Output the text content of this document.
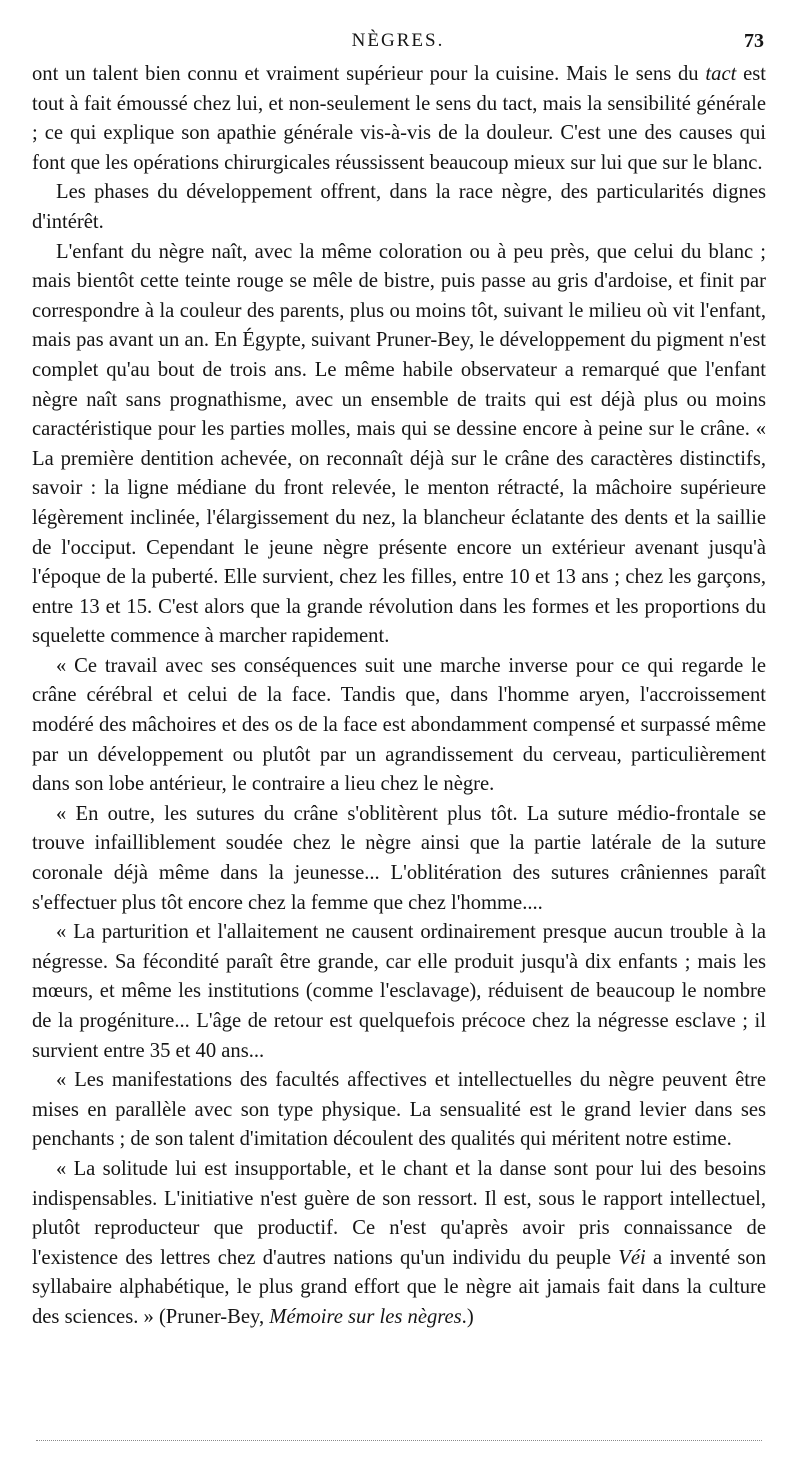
NÈGRES.	73

ont un talent bien connu et vraiment supérieur pour la cuisine. Mais le sens du tact est tout à fait émoussé chez lui, et non-seulement le sens du tact, mais la sensibilité générale ; ce qui explique son apathie générale vis-à-vis de la douleur. C'est une des causes qui font que les opérations chirurgicales réussissent beaucoup mieux sur lui que sur le blanc.

Les phases du développement offrent, dans la race nègre, des particularités dignes d'intérêt.

L'enfant du nègre naît, avec la même coloration ou à peu près, que celui du blanc ; mais bientôt cette teinte rouge se mêle de bistre, puis passe au gris d'ardoise, et finit par correspondre à la couleur des parents, plus ou moins tôt, suivant le milieu où vit l'enfant, mais pas avant un an. En Égypte, suivant Pruner-Bey, le développement du pigment n'est complet qu'au bout de trois ans. Le même habile observateur a remarqué que l'enfant nègre naît sans prognathisme, avec un ensemble de traits qui est déjà plus ou moins caractéristique pour les parties molles, mais qui se dessine encore à peine sur le crâne. « La première dentition achevée, on reconnaît déjà sur le crâne des caractères distinctifs, savoir : la ligne médiane du front relevée, le menton rétracté, la mâchoire supérieure légèrement inclinée, l'élargissement du nez, la blancheur éclatante des dents et la saillie de l'occiput. Cependant le jeune nègre présente encore un extérieur avenant jusqu'à l'époque de la puberté. Elle survient, chez les filles, entre 10 et 13 ans ; chez les garçons, entre 13 et 15. C'est alors que la grande révolution dans les formes et les proportions du squelette commence à marcher rapidement.

« Ce travail avec ses conséquences suit une marche inverse pour ce qui regarde le crâne cérébral et celui de la face. Tandis que, dans l'homme aryen, l'accroissement modéré des mâchoires et des os de la face est abondamment compensé et surpassé même par un développement ou plutôt par un agrandissement du cerveau, particulièrement dans son lobe antérieur, le contraire a lieu chez le nègre.

« En outre, les sutures du crâne s'oblitèrent plus tôt. La suture médio-frontale se trouve infailliblement soudée chez le nègre ainsi que la partie latérale de la suture coronale déjà même dans la jeunesse... L'oblitération des sutures crâniennes paraît s'effectuer plus tôt encore chez la femme que chez l'homme....

« La parturition et l'allaitement ne causent ordinairement presque aucun trouble à la négresse. Sa fécondité paraît être grande, car elle produit jusqu'à dix enfants ; mais les mœurs, et même les institutions (comme l'esclavage), réduisent de beaucoup le nombre de la progéniture... L'âge de retour est quelquefois précoce chez la négresse esclave ; il survient entre 35 et 40 ans...

« Les manifestations des facultés affectives et intellectuelles du nègre peuvent être mises en parallèle avec son type physique. La sensualité est le grand levier dans ses penchants ; de son talent d'imitation découlent des qualités qui méritent notre estime.

« La solitude lui est insupportable, et le chant et la danse sont pour lui des besoins indispensables. L'initiative n'est guère de son ressort. Il est, sous le rapport intellectuel, plutôt reproducteur que productif. Ce n'est qu'après avoir pris connaissance de l'existence des lettres chez d'autres nations qu'un individu du peuple Véi a inventé son syllabaire alphabétique, le plus grand effort que le nègre ait jamais fait dans la culture des sciences. » (Pruner-Bey, Mémoire sur les nègres.)
